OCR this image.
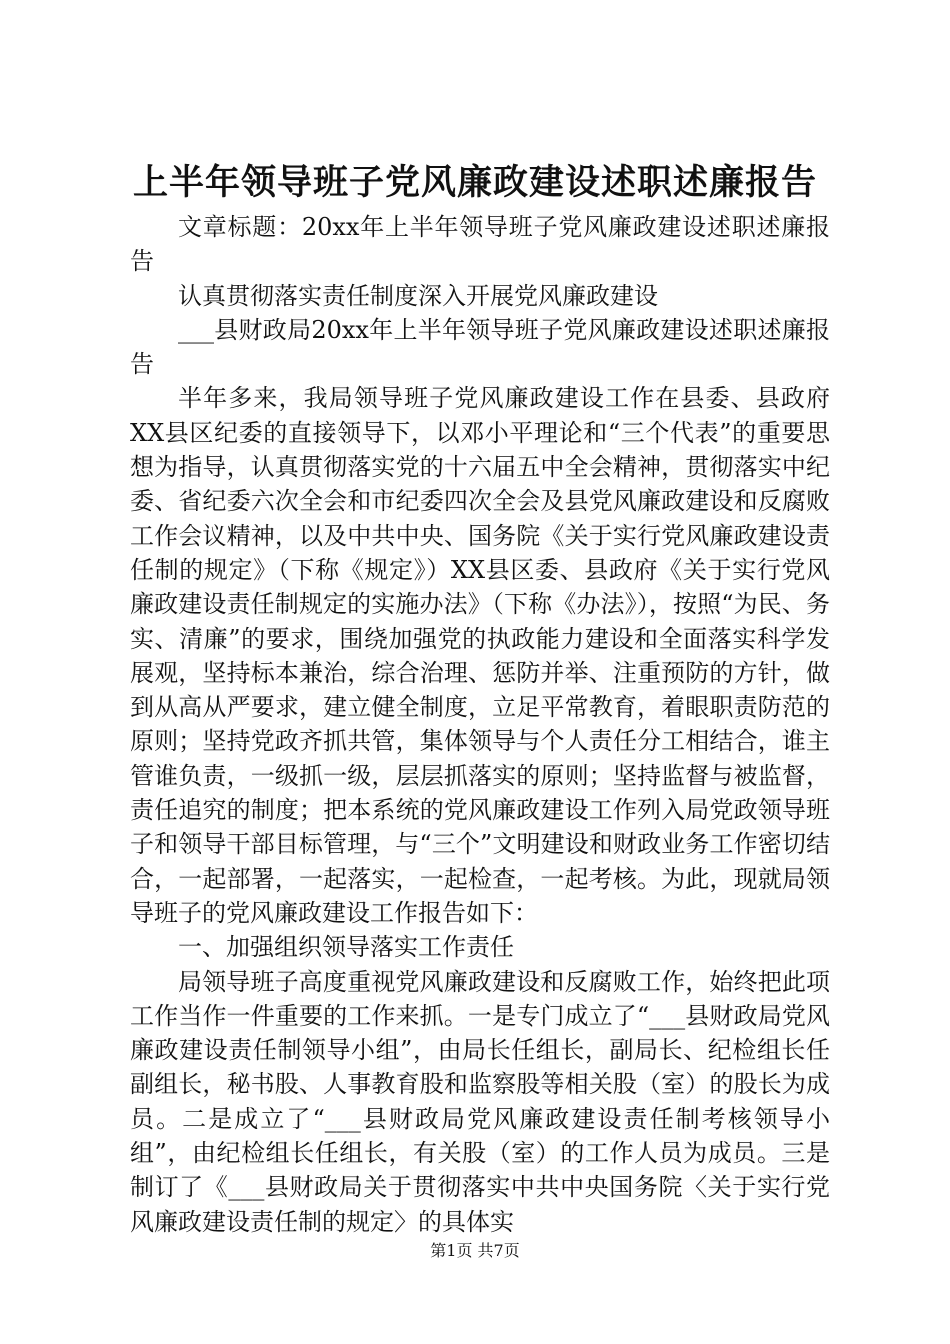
上半年领导班子党风廉政建设述职述廉报告

文章标题：20xx年上半年领导班子党风廉政建设述职述廉报告

认真贯彻落实责任制度深入开展党风廉政建设

___县财政局20xx年上半年领导班子党风廉政建设述职述廉报告

半年多来，我局领导班子党风廉政建设工作在县委、县政府XX县区纪委的直接领导下，以邓小平理论和“三个代表”的重要思想为指导，认真贯彻落实党的十六届五中全会精神，贯彻落实中纪委、省纪委六次全会和市纪委四次全会及县党风廉政建设和反腐败工作会议精神，以及中共中央、国务院《关于实行党风廉政建设责任制的规定》（下称《规定》）XX县区委、县政府《关于实行党风廉政建设责任制规定的实施办法》（下称《办法》），按照“为民、务实、清廉”的要求，围绕加强党的执政能力建设和全面落实科学发展观，坚持标本兼治，综合治理、惩防并举、注重预防的方针，做到从高从严要求，建立健全制度，立足平常教育，着眼职责防范的原则；坚持党政齐抓共管，集体领导与个人责任分工相结合，谁主管谁负责，一级抓一级，层层抓落实的原则；坚持监督与被监督，责任追究的制度；把本系统的党风廉政建设工作列入局党政领导班子和领导干部目标管理，与“三个”文明建设和财政业务工作密切结合，一起部署，一起落实，一起检查，一起考核。为此，现就局领导班子的党风廉政建设工作报告如下：

一、加强组织领导落实工作责任

局领导班子高度重视党风廉政建设和反腐败工作，始终把此项工作当作一件重要的工作来抓。一是专门成立了“___县财政局党风廉政建设责任制领导小组”，由局长任组长，副局长、纪检组长任副组长，秘书股、人事教育股和监察股等相关股（室）的股长为成员。二是成立了“___县财政局党风廉政建设责任制考核领导小组”，由纪检组长任组长，有关股（室）的工作人员为成员。三是制订了《___县财政局关于贯彻落实中共中央国务院〈关于实行党风廉政建设责任制的规定〉的具体实

第1页 共7页
